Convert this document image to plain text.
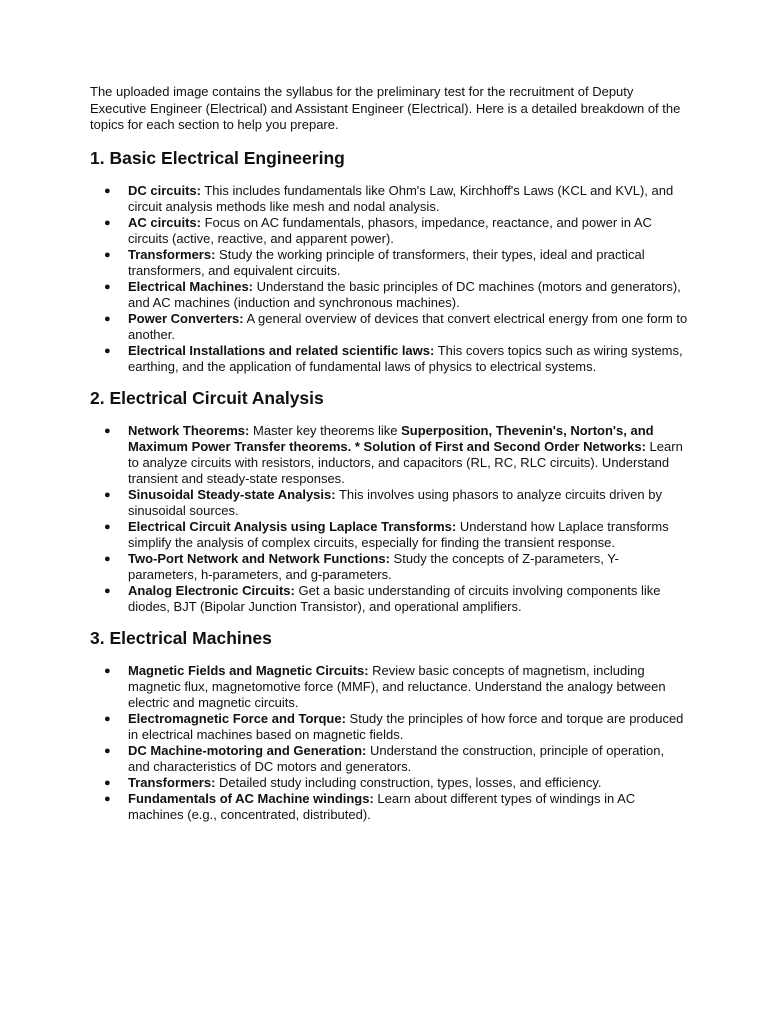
The uploaded image contains the syllabus for the preliminary test for the recruitment of Deputy Executive Engineer (Electrical) and Assistant Engineer (Electrical). Here is a detailed breakdown of the topics for each section to help you prepare.

1. Basic Electrical Engineering
● DC circuits: This includes fundamentals like Ohm's Law, Kirchhoff's Laws (KCL and KVL), and circuit analysis methods like mesh and nodal analysis.
● AC circuits: Focus on AC fundamentals, phasors, impedance, reactance, and power in AC circuits (active, reactive, and apparent power).
● Transformers: Study the working principle of transformers, their types, ideal and practical transformers, and equivalent circuits.
● Electrical Machines: Understand the basic principles of DC machines (motors and generators), and AC machines (induction and synchronous machines).
● Power Converters: A general overview of devices that convert electrical energy from one form to another.
● Electrical Installations and related scientific laws: This covers topics such as wiring systems, earthing, and the application of fundamental laws of physics to electrical systems.
2. Electrical Circuit Analysis
● Network Theorems: Master key theorems like Superposition, Thevenin's, Norton's, and Maximum Power Transfer theorems. * Solution of First and Second Order Networks: Learn to analyze circuits with resistors, inductors, and capacitors (RL, RC, RLC circuits). Understand transient and steady-state responses.
● Sinusoidal Steady-state Analysis: This involves using phasors to analyze circuits driven by sinusoidal sources.
● Electrical Circuit Analysis using Laplace Transforms: Understand how Laplace transforms simplify the analysis of complex circuits, especially for finding the transient response.
● Two-Port Network and Network Functions: Study the concepts of Z-parameters, Y-parameters, h-parameters, and g-parameters.
● Analog Electronic Circuits: Get a basic understanding of circuits involving components like diodes, BJT (Bipolar Junction Transistor), and operational amplifiers.
3. Electrical Machines
● Magnetic Fields and Magnetic Circuits: Review basic concepts of magnetism, including magnetic flux, magnetomotive force (MMF), and reluctance. Understand the analogy between electric and magnetic circuits.
● Electromagnetic Force and Torque: Study the principles of how force and torque are produced in electrical machines based on magnetic fields.
● DC Machine-motoring and Generation: Understand the construction, principle of operation, and characteristics of DC motors and generators.
● Transformers: Detailed study including construction, types, losses, and efficiency.
● Fundamentals of AC Machine windings: Learn about different types of windings in AC machines (e.g., concentrated, distributed).
